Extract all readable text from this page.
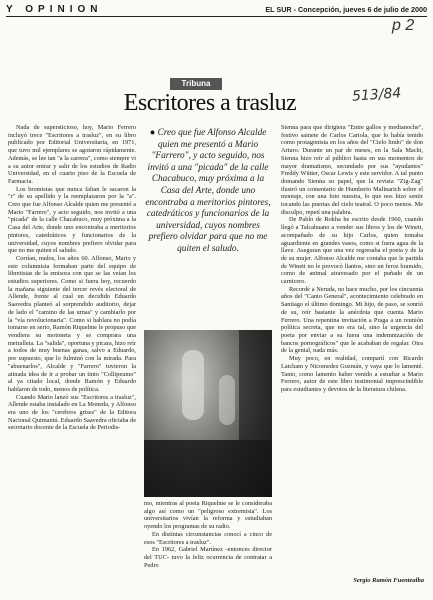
Y OPINION	EL SUR - Concepción, jueves 6 de julio de 2000
p 2
Tribuna
Escritores a trasluz	513/84

Nada de supersticioso, hoy, Mario Ferrero incluyó trece "Escritores a trasluz", en su libro publicado por Editorial Universitaria, en 1971, que tuvo mil ejemplares se agotaron rápidamente. Además, se lee tan "a la carrera", como siempre vi a su autor entrar y salir de los estudios de Radio Universidad, en el cuarto piso de la Escuela de Farmacia.

Los bromistas que nunca faltan le sacaron la "r" de su apellido y la reemplazaron por la "a". Creo que fue Alfonso Alcalde quien me presentó a Mario "Farrero", y acto seguido, nos invitó a una "picada" de la calle Chacabuco, muy próxima a la Casa del Arte, donde uno encontraba a meritorios pintores, catedráticos y funcionarios de la universidad, cuyos nombres prefiero olvidar para que no me quiten el saludo.

Corrían, nudos, los años 60. Alfonso, Mario y este columnista formaban parte del equipo de libretistas de la emisora con que se las veían los estudios superiores. Como si fuera hoy, recuerdo la mañana siguiente del tercer revés electoral de Allende, frente al cual un decidido Eduardo Saavedra planteó al sorprendido auditorio, dejar de lado el "camino de las urnas" y cambiarlo por la "vía revolucionaria". Como si hablara no podía tomarse en serio, Ramón Riquelme le propuso que vendiera su motoneta y se comprara una metralleta. La "salida", oportuna y picara, hizo reír a todos de muy buenas ganas, salvo a Eduardo, por supuesto, que lo fulminó con la mirada. Para "abuenarlos", Alcalde y "Farrero" tuvieron la atinada idea de ir a probar un tinto "Collipeumo" al ya citado local, donde Ramón y Eduardo hablaron de todo, menos de política.

Cuando Mario lanzó sus "Escritores a trasluz", Allende estaba instalado en La Moneda, y Alfonso era uno de los "cerebros grises" de la Editora Nacional Quimantú. Eduardo Saavedra oficiaba de secretario docente de la Escuela de Periodis-

● Creo que fue Alfonso Alcalde quien me presentó a Mario "Farrero", y acto seguido, nos invitó a una "picada" de la calle Chacabuco, muy próxima a la Casa del Arte, donde uno encontraba a meritorios pintores, catedráticos y funcionarios de la universidad, cuyos nombres prefiero olvidar para que no me quiten el saludo.

mo, mientras al poeta Riquelme se le consideraba algo así como un "peligroso extremista". Los universitarios vivían la reforma y estudiaban oyendo los programas de su radio.

En distintas circunstancias conocí a cinco de esos "Escritores a trasluz".

En 1962, Gabriel Martínez -entonces director del TUC- tuvo la feliz ocurrencia de contratar a Pedro

Sienna para que dirigiera "Entre gallos y medianoche", festivo sainete de Carlos Cariola, que lo había tenido como protagonista en los años del "Cielo lindo" de don Arturo. Durante un par de meses, en la Sala Machi, Sienna hizo reír al público hasta en sus momentos de mayor dramatismo, secundado por sus "ayudantes" Freddy Wütter, Oscar Lewis y este servidor. A tal punto domando Sienna su papel, que la revista "Zig-Zag" ilustró un comentario de Humberto Malinarich sobre el montaje, con una foto nuestra, lo que nos hizo sentir tocando las puertas del cielo teatral. O poco menos. Me disculpo, repetí una palabra.

De Pablo de Rokha he escrito desde 1960, cuando llegó a Talcahuano a vender sus libros y los de Winett, acompañado de su hijo Carlos, quien tomaba aguardiente en grandes vasos, como si fuera agua de la llave. Aseguran que una vez regresaba el poeta y de la de su mujer. Alfonso Alcalde me contaba que le partida de Winett no le provocó llantos, sino un feroz bramido, como de animal atravesado por el puñado de un carnicero.

Recordé a Neruda, no hace mucho, por los cincuenta años del "Canto General", acontecimiento celebrado en Santiago el último domingo. Mi hijo, de paso, se sonrió de su, reír bastante la anécdota que cuenta Mario Ferrero. Una repentina invitación a Praga a un reunión política secreta, que no era tal, sino la urgencia del poeta por enviar a su fuera una indemnización de bancos pornográficos" que le acababan de regalar. Otra de la genial, nada más.

Muy poco, en realidad, compartí con Ricardo Latcham y Nicomedes Guzmán, y vaya que lo lamenté. Tanto, como lamento haber venido a estudiar a Mario Ferrero, autor de este libro testimonial imprescindible para estudiantes y devotos de la literatura chilena.

Sergio Ramón Fuentealba
